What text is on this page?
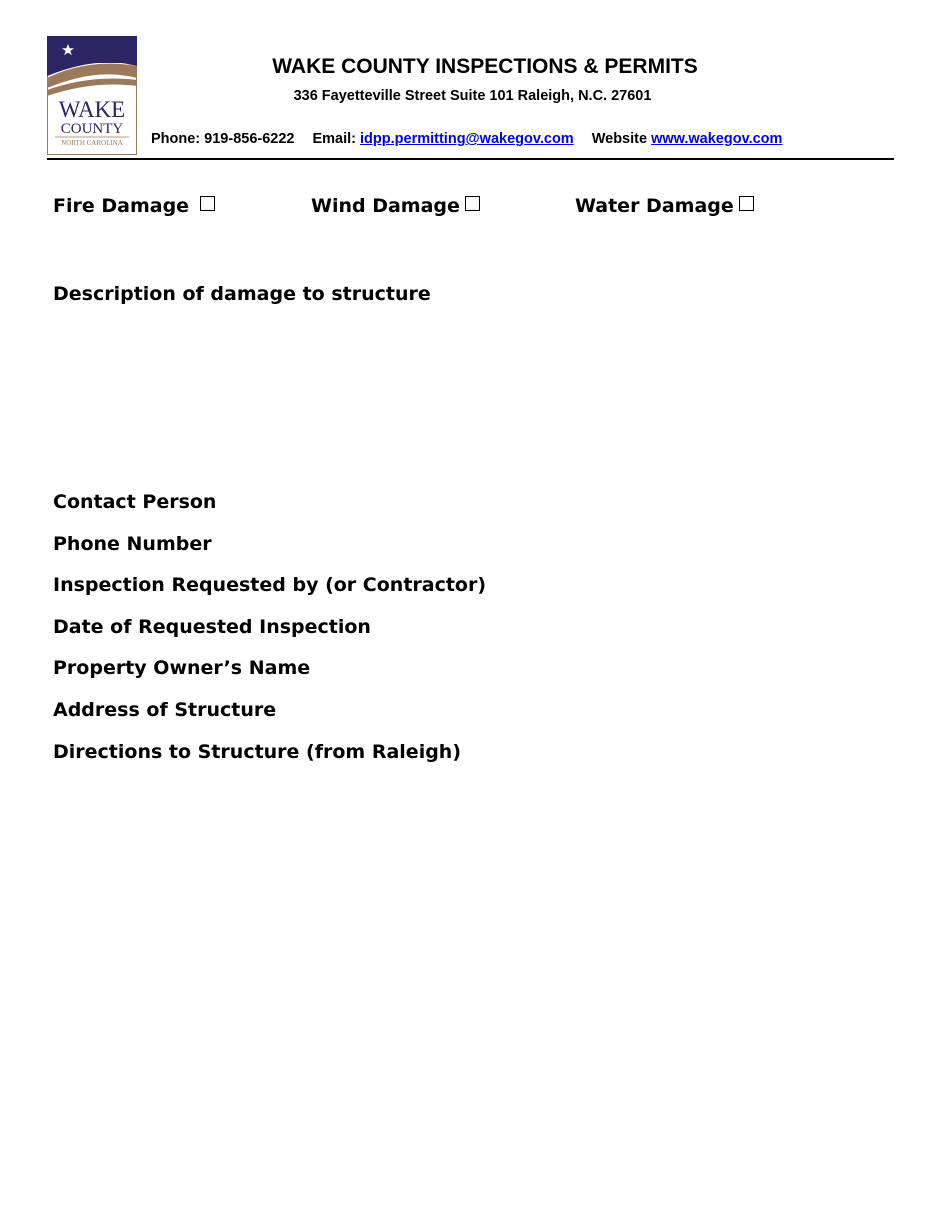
WAKE
COUNTY
NORTH CAROLINA
WAKE COUNTY INSPECTIONS & PERMITS
336 Fayetteville Street Suite 101 Raleigh, N.C. 27601
Phone: 919-856-6222 Email: idpp.permitting@wakegov.com Website www.wakegov.com
Fire Damage	Wind Damage	Water Damage
Description of damage to structure
Contact Person
Phone Number
Inspection Requested by (or Contractor)
Date of Requested Inspection
Property Owner’s Name
Address of Structure
Directions to Structure (from Raleigh)
